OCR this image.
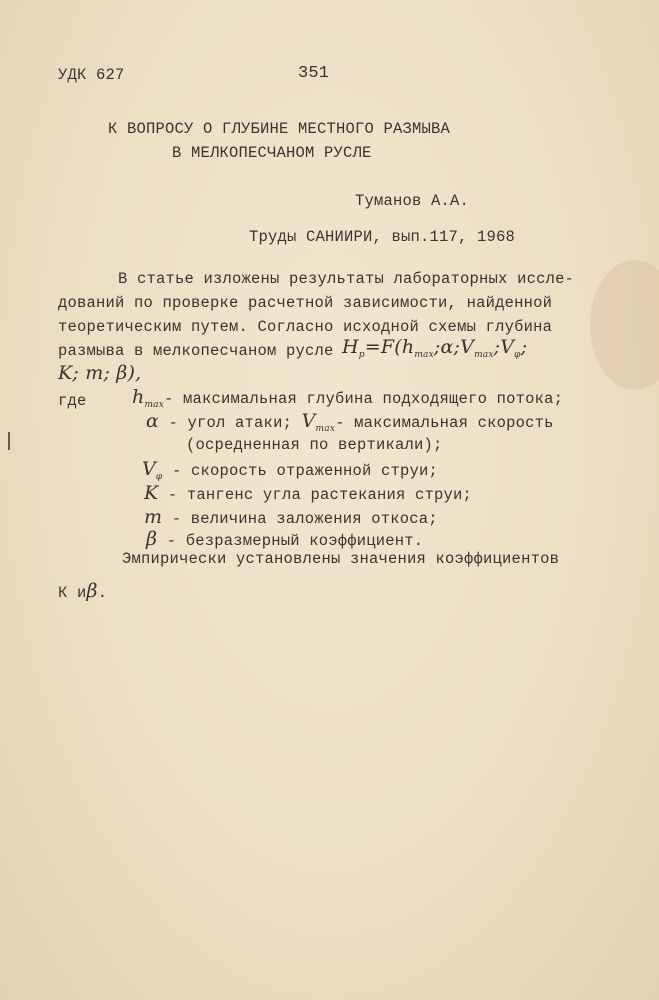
УДК 627	351
К ВОПРОСУ О ГЛУБИНЕ МЕСТНОГО РАЗМЫВА
В МЕЛКОПЕСЧАНОМ РУСЛЕ
Туманов А.А.
Труды САНИИРИ, вып.117, 1968
В статье изложены результаты лабораторных иссле-
дований по проверке расчетной зависимости, найденной
теоретическим путем. Согласно исходной схемы глубина
размыва в мелкопесчаном русле $H_p=F(h_{max};\alpha;V_{max};V_\varphi$;
K; m; β),
где $h_{max}-$ максимальная глубина подходящего потока;
α - угол атаки; $V_{max}-$ максимальная скорость
(осредненная по вертикали);
$V_\varphi$ - скорость отраженной струи;
K - тангенс угла растекания струи;
m - величина заложения откоса;
β - безразмерный коэффициент.
Эмпирически установлены значения коэффициентов
К иβ.
